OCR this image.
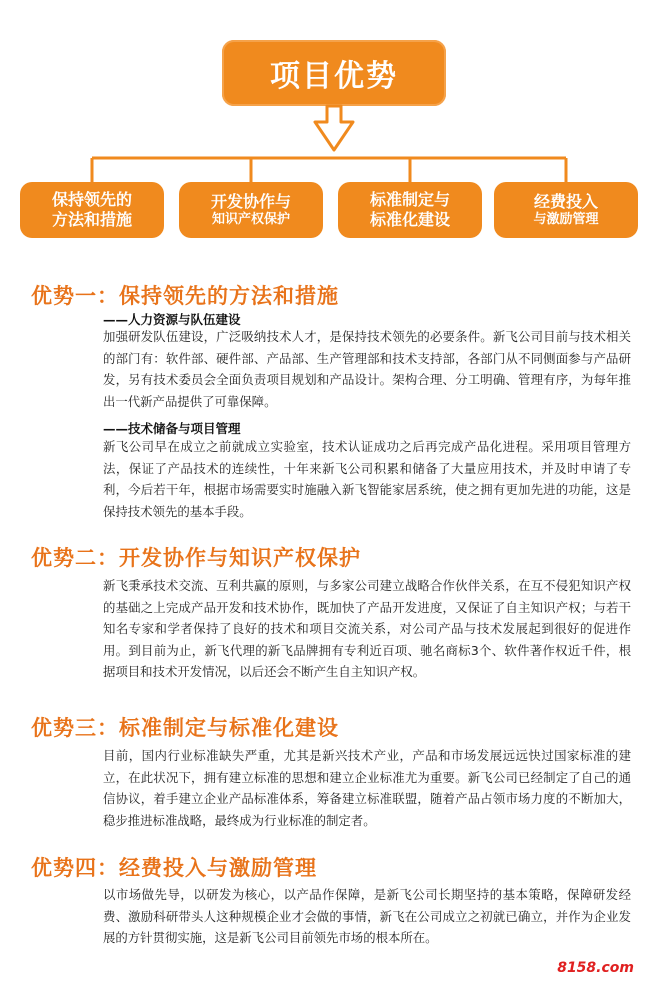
项目优势
保持领先的
方法和措施
开发协作与
知识产权保护
标准制定与
标准化建设
经费投入
与激励管理
优势一：保持领先的方法和措施
——人力资源与队伍建设
加强研发队伍建设，广泛吸纳技术人才，是保持技术领先的必要条件。新飞公司目前与技术相关的部门有：软件部、硬件部、产品部、生产管理部和技术支持部，各部门从不同侧面参与产品研发，另有技术委员会全面负责项目规划和产品设计。架构合理、分工明确、管理有序，为每年推出一代新产品提供了可靠保障。
——技术储备与项目管理
新飞公司早在成立之前就成立实验室，技术认证成功之后再完成产品化进程。采用项目管理方法，保证了产品技术的连续性，十年来新飞公司积累和储备了大量应用技术，并及时申请了专利，今后若干年，根据市场需要实时施融入新飞智能家居系统，使之拥有更加先进的功能，这是保持技术领先的基本手段。
优势二：开发协作与知识产权保护
新飞秉承技术交流、互利共赢的原则，与多家公司建立战略合作伙伴关系，在互不侵犯知识产权的基础之上完成产品开发和技术协作，既加快了产品开发进度，又保证了自主知识产权；与若干知名专家和学者保持了良好的技术和项目交流关系，对公司产品与技术发展起到很好的促进作用。到目前为止，新飞代理的新飞品牌拥有专利近百项、驰名商标3个、软件著作权近千件，根据项目和技术开发情况，以后还会不断产生自主知识产权。
优势三：标准制定与标准化建设
目前，国内行业标准缺失严重，尤其是新兴技术产业，产品和市场发展远远快过国家标准的建立，在此状况下，拥有建立标准的思想和建立企业标准尤为重要。新飞公司已经制定了自己的通信协议，着手建立企业产品标准体系，筹备建立标准联盟，随着产品占领市场力度的不断加大，稳步推进标准战略，最终成为行业标准的制定者。
优势四：经费投入与激励管理
以市场做先导，以研发为核心，以产品作保障，是新飞公司长期坚持的基本策略，保障研发经费、激励科研带头人这种规模企业才会做的事情，新飞在公司成立之初就已确立，并作为企业发展的方针贯彻实施，这是新飞公司目前领先市场的根本所在。
8158.com
